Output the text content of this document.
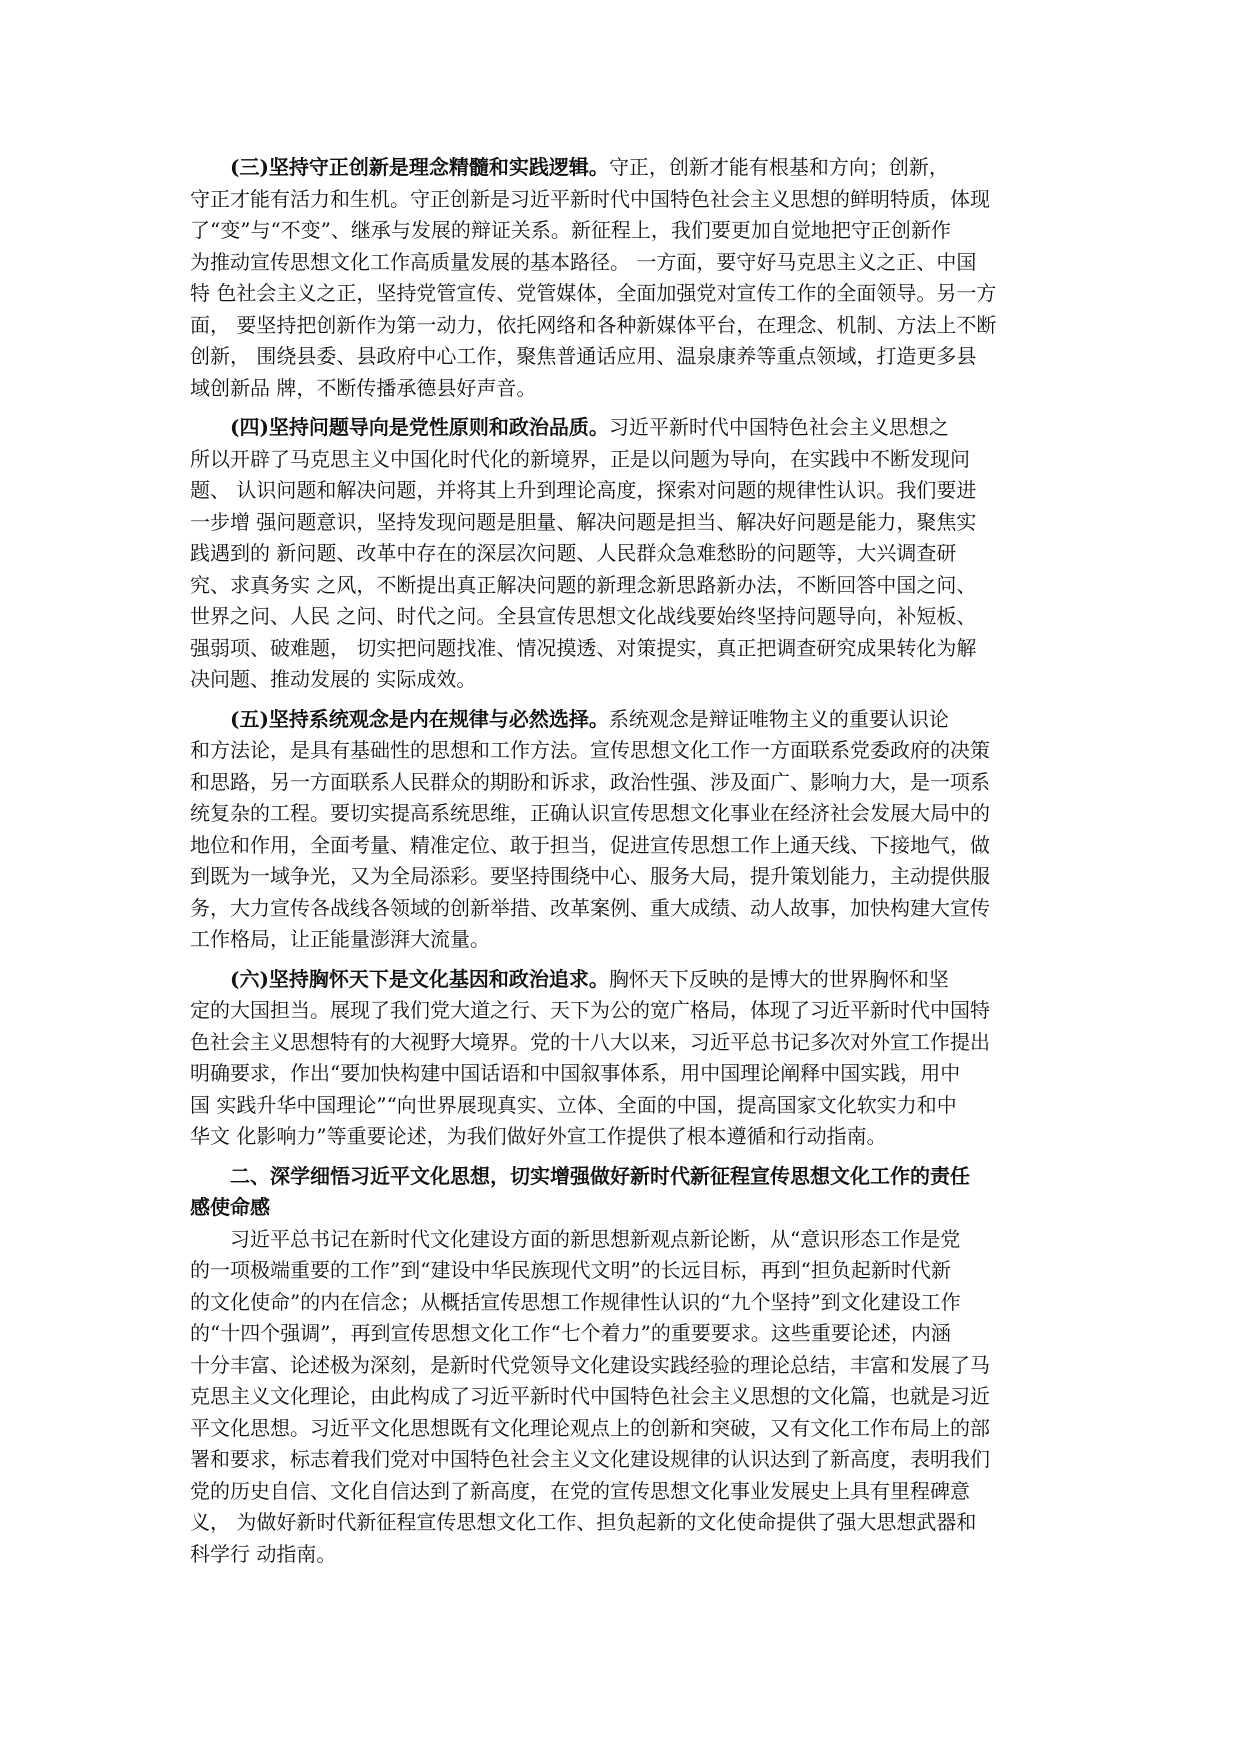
(三)坚持守正创新是理念精髓和实践逻辑。守正，创新才能有根基和方向；创新，
守正才能有活力和生机。守正创新是习近平新时代中国特色社会主义思想的鲜明特质，体现
了“变”与“不变”、继承与发展的辩证关系。新征程上，我们要更加自觉地把守正创新作
为推动宣传思想文化工作高质量发展的基本路径。 一方面，要守好马克思主义之正、中国
特 色社会主义之正，坚持党管宣传、党管媒体，全面加强党对宣传工作的全面领导。另一方
面， 要坚持把创新作为第一动力，依托网络和各种新媒体平台，在理念、机制、方法上不断
创新， 围绕县委、县政府中心工作，聚焦普通话应用、温泉康养等重点领域，打造更多县
域创新品 牌，不断传播承德县好声音。

(四)坚持问题导向是党性原则和政治品质。习近平新时代中国特色社会主义思想之
所以开辟了马克思主义中国化时代化的新境界，正是以问题为导向，在实践中不断发现问
题、 认识问题和解决问题，并将其上升到理论高度，探索对问题的规律性认识。我们要进
一步增 强问题意识，坚持发现问题是胆量、解决问题是担当、解决好问题是能力，聚焦实
践遇到的 新问题、改革中存在的深层次问题、人民群众急难愁盼的问题等，大兴调查研
究、求真务实 之风，不断提出真正解决问题的新理念新思路新办法，不断回答中国之问、
世界之问、人民 之问、时代之问。全县宣传思想文化战线要始终坚持问题导向，补短板、
强弱项、破难题， 切实把问题找准、情况摸透、对策提实，真正把调查研究成果转化为解
决问题、推动发展的 实际成效。

(五)坚持系统观念是内在规律与必然选择。系统观念是辩证唯物主义的重要认识论
和方法论，是具有基础性的思想和工作方法。宣传思想文化工作一方面联系党委政府的决策
和思路，另一方面联系人民群众的期盼和诉求，政治性强、涉及面广、影响力大，是一项系
统复杂的工程。要切实提高系统思维，正确认识宣传思想文化事业在经济社会发展大局中的
地位和作用，全面考量、精准定位、敢于担当，促进宣传思想工作上通天线、下接地气，做
到既为一域争光，又为全局添彩。要坚持围绕中心、服务大局，提升策划能力，主动提供服
务，大力宣传各战线各领域的创新举措、改革案例、重大成绩、动人故事，加快构建大宣传
工作格局，让正能量澎湃大流量。

(六)坚持胸怀天下是文化基因和政治追求。胸怀天下反映的是博大的世界胸怀和坚
定的大国担当。展现了我们党大道之行、天下为公的宽广格局，体现了习近平新时代中国特
色社会主义思想特有的大视野大境界。党的十八大以来，习近平总书记多次对外宣工作提出
明确要求，作出“要加快构建中国话语和中国叙事体系，用中国理论阐释中国实践，用中
国 实践升华中国理论”“向世界展现真实、立体、全面的中国，提高国家文化软实力和中
华文 化影响力”等重要论述，为我们做好外宣工作提供了根本遵循和行动指南。

二、深学细悟习近平文化思想，切实增强做好新时代新征程宣传思想文化工作的责任
感使命感

习近平总书记在新时代文化建设方面的新思想新观点新论断，从“意识形态工作是党
的一项极端重要的工作”到“建设中华民族现代文明”的长远目标，再到“担负起新时代新
的文化使命”的内在信念；从概括宣传思想工作规律性认识的“九个坚持”到文化建设工作
的“十四个强调”，再到宣传思想文化工作“七个着力”的重要要求。这些重要论述，内涵
十分丰富、论述极为深刻，是新时代党领导文化建设实践经验的理论总结，丰富和发展了马
克思主义文化理论，由此构成了习近平新时代中国特色社会主义思想的文化篇，也就是习近
平文化思想。习近平文化思想既有文化理论观点上的创新和突破，又有文化工作布局上的部
署和要求，标志着我们党对中国特色社会主义文化建设规律的认识达到了新高度，表明我们
党的历史自信、文化自信达到了新高度，在党的宣传思想文化事业发展史上具有里程碑意
义， 为做好新时代新征程宣传思想文化工作、担负起新的文化使命提供了强大思想武器和
科学行 动指南。
